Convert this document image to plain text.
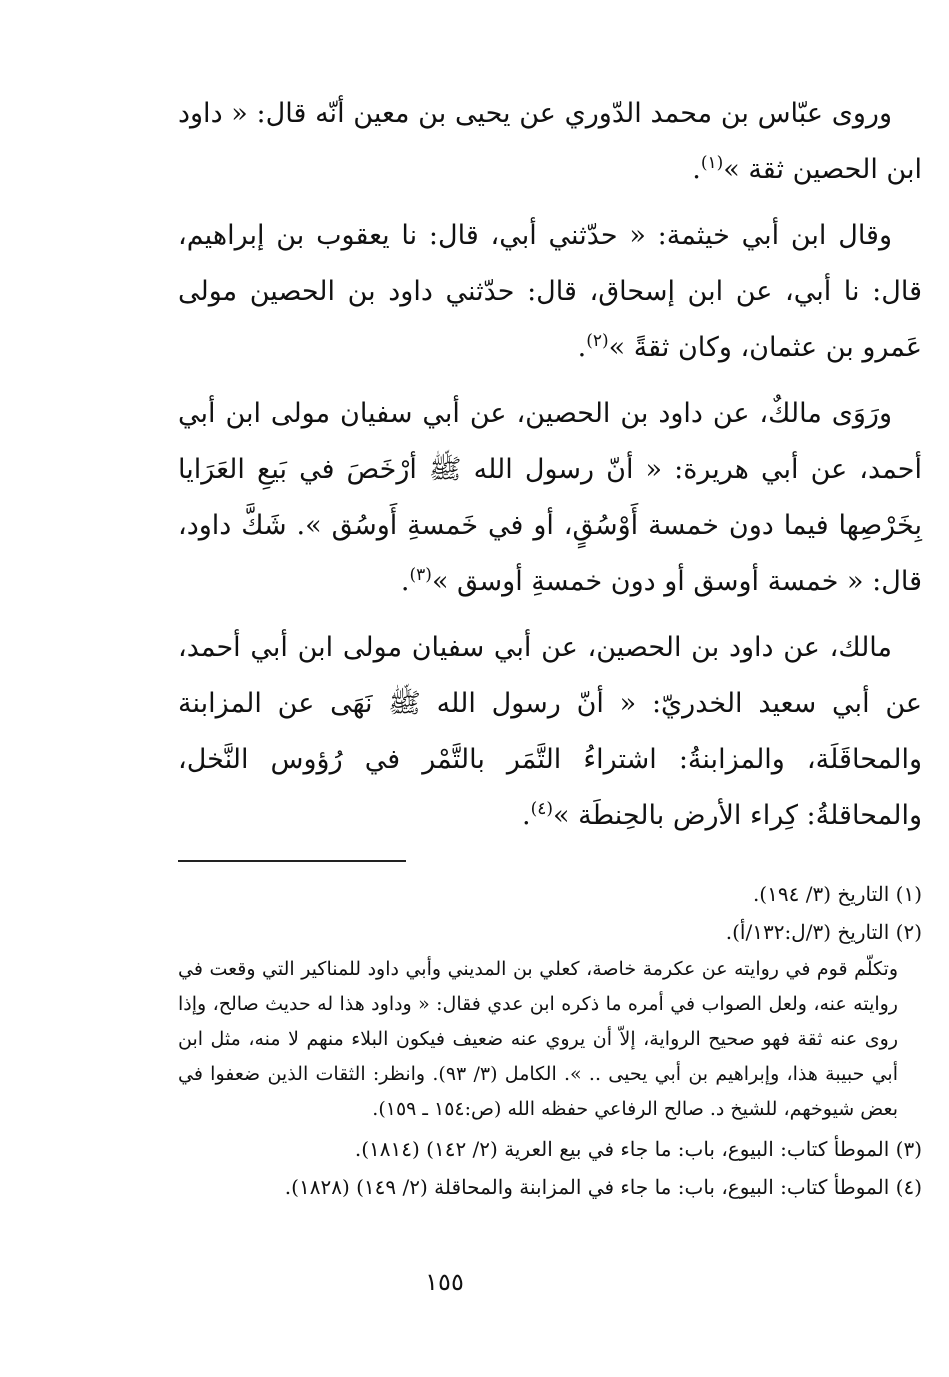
وروى عبّاس بن محمد الدّوري عن يحيى بن معين أنّه قال: « داود ابن الحصين ثقة »$^{(١)}$.

وقال ابن أبي خيثمة: « حدّثني أبي، قال: نا يعقوب بن إبراهيم، قال: نا أبي، عن ابن إسحاق، قال: حدّثني داود بن الحصين مولى عَمرو بن عثمان، وكان ثقةً »$^{(٢)}$.

ورَوَى مالكٌ، عن داود بن الحصين، عن أبي سفيان مولى ابن أبي أحمد، عن أبي هريرة: « أنّ رسول الله ﷺ أرْخَصَ في بَيعِ العَرَايا بِخَرْصِها فيما دون خمسة أَوْسُقٍ، أو في خَمسةِ أَوسُق ». شَكَّ داود، قال: « خمسة أوسق أو دون خمسةِ أوسق »$^{(٣)}$.

مالك، عن داود بن الحصين، عن أبي سفيان مولى ابن أبي أحمد، عن أبي سعيد الخدريّ: « أنّ رسول الله ﷺ نَهَى عن المزابنة والمحاقَلَة، والمزابنةُ: اشتراءُ التَّمَر بالتَّمْر في رُؤوس النَّخل، والمحاقلةُ: كِراء الأرض بالحِنطَة »$^{(٤)}$.

(١) التاريخ (٣/ ١٩٤).

(٢) التاريخ (٣/ل:١٣٢/أ).

وتكلّم قوم في روايته عن عكرمة خاصة، كعلي بن المديني وأبي داود للمناكير التي وقعت في روايته عنه، ولعل الصواب في أمره ما ذكره ابن عدي فقال: « وداود هذا له حديث صالح، وإذا روى عنه ثقة فهو صحيح الرواية، إلاّ أن يروي عنه ضعيف فيكون البلاء منهم لا منه، مثل ابن أبي حبيبة هذا، وإبراهيم بن أبي يحيى .. ». الكامل (٣/ ٩٣). وانظر: الثقات الذين ضعفوا في بعض شيوخهم، للشيخ د. صالح الرفاعي حفظه الله (ص:١٥٤ ـ ١٥٩).

(٣) الموطأ كتاب: البيوع، باب: ما جاء في بيع العرية (٢/ ١٤٢) (١٨١٤).

(٤) الموطأ كتاب: البيوع، باب: ما جاء في المزابنة والمحاقلة (٢/ ١٤٩) (١٨٢٨).

١٥٥
